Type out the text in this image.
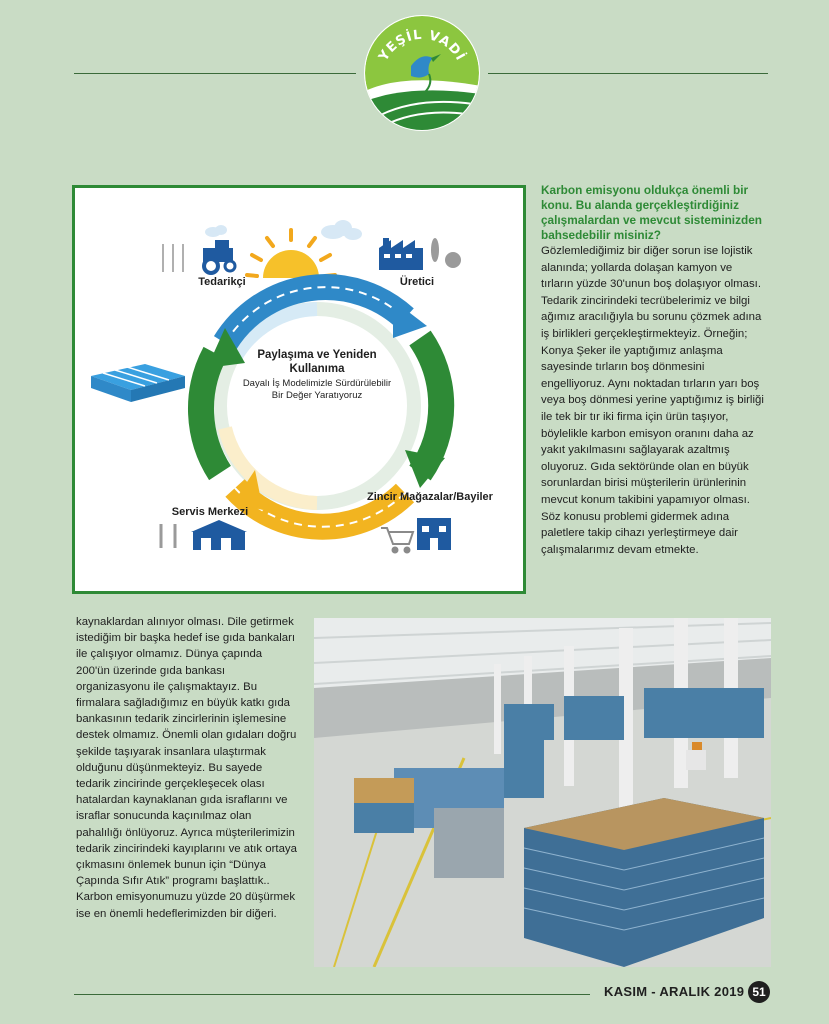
YEŞİL VADİ
Tedarikçi	Üretici
Zincir Mağazalar/Bayiler
Servis Merkezi
Paylaşıma ve Yeniden Kullanıma
Dayalı İş Modelimizle Sürdürülebilir Bir Değer Yaratıyoruz

Karbon emisyonu oldukça önemli bir konu. Bu alanda gerçekleştirdiğiniz çalışmalardan ve mevcut sisteminizden bahsedebilir misiniz?

Gözlemlediğimiz bir diğer sorun ise lojistik alanında; yollarda dolaşan kamyon ve tırların yüzde 30'unun boş dolaşıyor olması. Tedarik zincirindeki tecrübelerimiz ve bilgi ağımız aracılığıyla bu sorunu çözmek adına iş birlikleri gerçekleştirmekteyiz. Örneğin; Konya Şeker ile yaptığımız anlaşma sayesinde tırların boş dönmesini engelliyoruz. Aynı noktadan tırların yarı boş veya boş dönmesi yerine yaptığımız iş birliği ile tek bir tır iki firma için ürün taşıyor, böylelikle karbon emisyon oranını daha az yakıt yakılmasını sağlayarak azaltmış oluyoruz. Gıda sektöründe olan en büyük sorunlardan birisi müşterilerin ürünlerinin mevcut konum takibini yapamıyor olması. Söz konusu problemi gidermek adına paletlere takip cihazı yerleştirmeye dair çalışmalarımız devam etmekte.

kaynaklardan alınıyor olması. Dile getirmek istediğim bir başka hedef ise gıda bankaları ile çalışıyor olmamız. Dünya çapında 200'ün üzerinde gıda bankası organizasyonu ile çalışmaktayız. Bu firmalara sağladığımız en büyük katkı gıda bankasının tedarik zincirlerinin işlemesine destek olmamız. Önemli olan gıdaları doğru şekilde taşıyarak insanlara ulaştırmak olduğunu düşünmekteyiz. Bu sayede tedarik zincirinde gerçekleşecek olası hatalardan kaynaklanan gıda israflarını ve israflar sonucunda kaçınılmaz olan pahalılığı önlüyoruz. Ayrıca müşterilerimizin tedarik zincirindeki kayıplarını ve atık ortaya çıkmasını önlemek bunun için “Dünya Çapında Sıfır Atık” programı başlattık.. Karbon emisyonumuzu yüzde 20 düşürmek ise en önemli hedeflerimizden bir diğeri.

KASIM - ARALIK 2019 51
